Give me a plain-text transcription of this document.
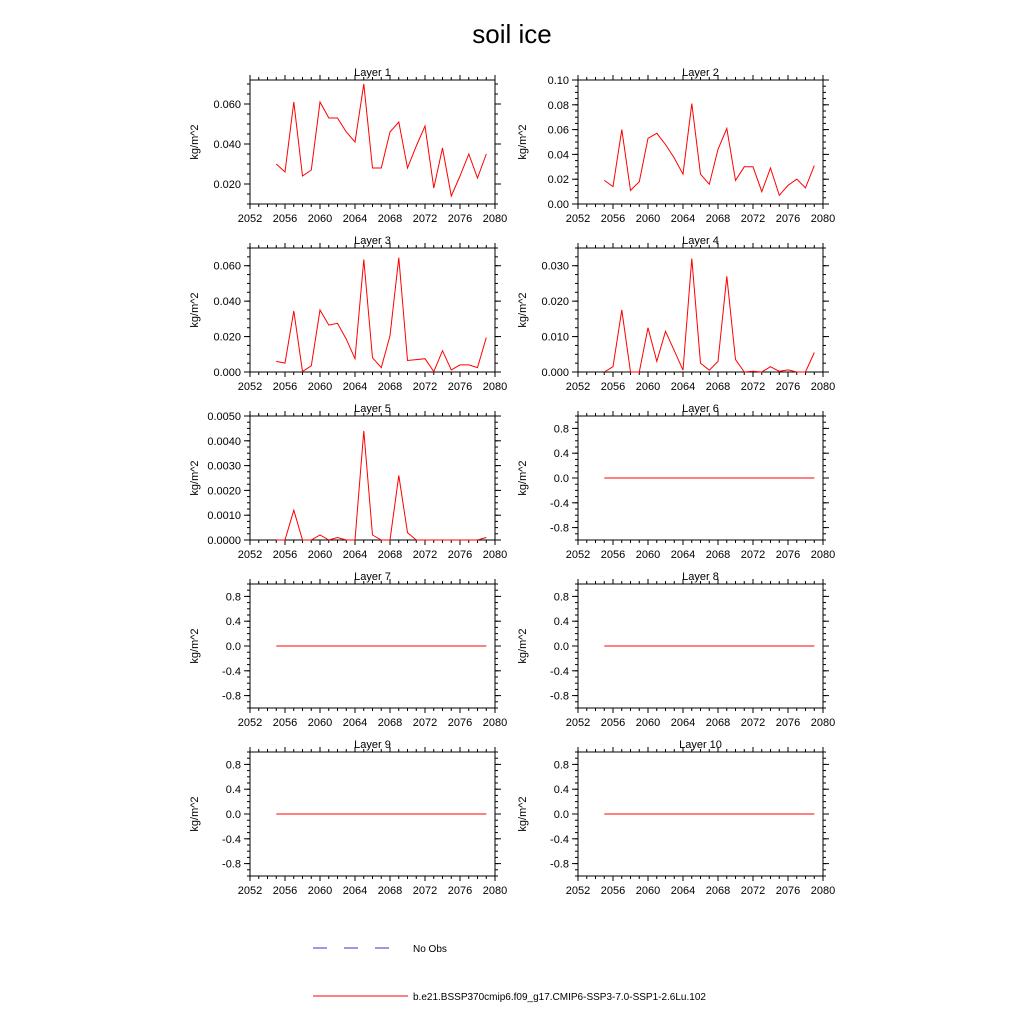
soil ice
Layer 1
kg/m^2
2052 2056 2060 2064 2068 2072 2076 2080
0.020
0.040
0.060
Layer 2
kg/m^2
2052 2056 2060 2064 2068 2072 2076 2080
0.00
0.02
0.04
0.06
0.08
0.10
Layer 3
kg/m^2
2052 2056 2060 2064 2068 2072 2076 2080
0.000
0.020
0.040
0.060
Layer 4
kg/m^2
2052 2056 2060 2064 2068 2072 2076 2080
0.000
0.010
0.020
0.030
Layer 5
kg/m^2
2052 2056 2060 2064 2068 2072 2076 2080
0.0000
0.0010
0.0020
0.0030
0.0040
0.0050
Layer 6
kg/m^2
2052 2056 2060 2064 2068 2072 2076 2080
-0.8
-0.4
0.0
0.4
0.8
Layer 7
kg/m^2
2052 2056 2060 2064 2068 2072 2076 2080
-0.8
-0.4
0.0
0.4
0.8
Layer 8
kg/m^2
2052 2056 2060 2064 2068 2072 2076 2080
-0.8
-0.4
0.0
0.4
0.8
Layer 9
kg/m^2
2052 2056 2060 2064 2068 2072 2076 2080
-0.8
-0.4
0.0
0.4
0.8
Layer 10
kg/m^2
2052 2056 2060 2064 2068 2072 2076 2080
-0.8
-0.4
0.0
0.4
0.8
No Obs
b.e21.BSSP370cmip6.f09_g17.CMIP6-SSP3-7.0-SSP1-2.6Lu.102
